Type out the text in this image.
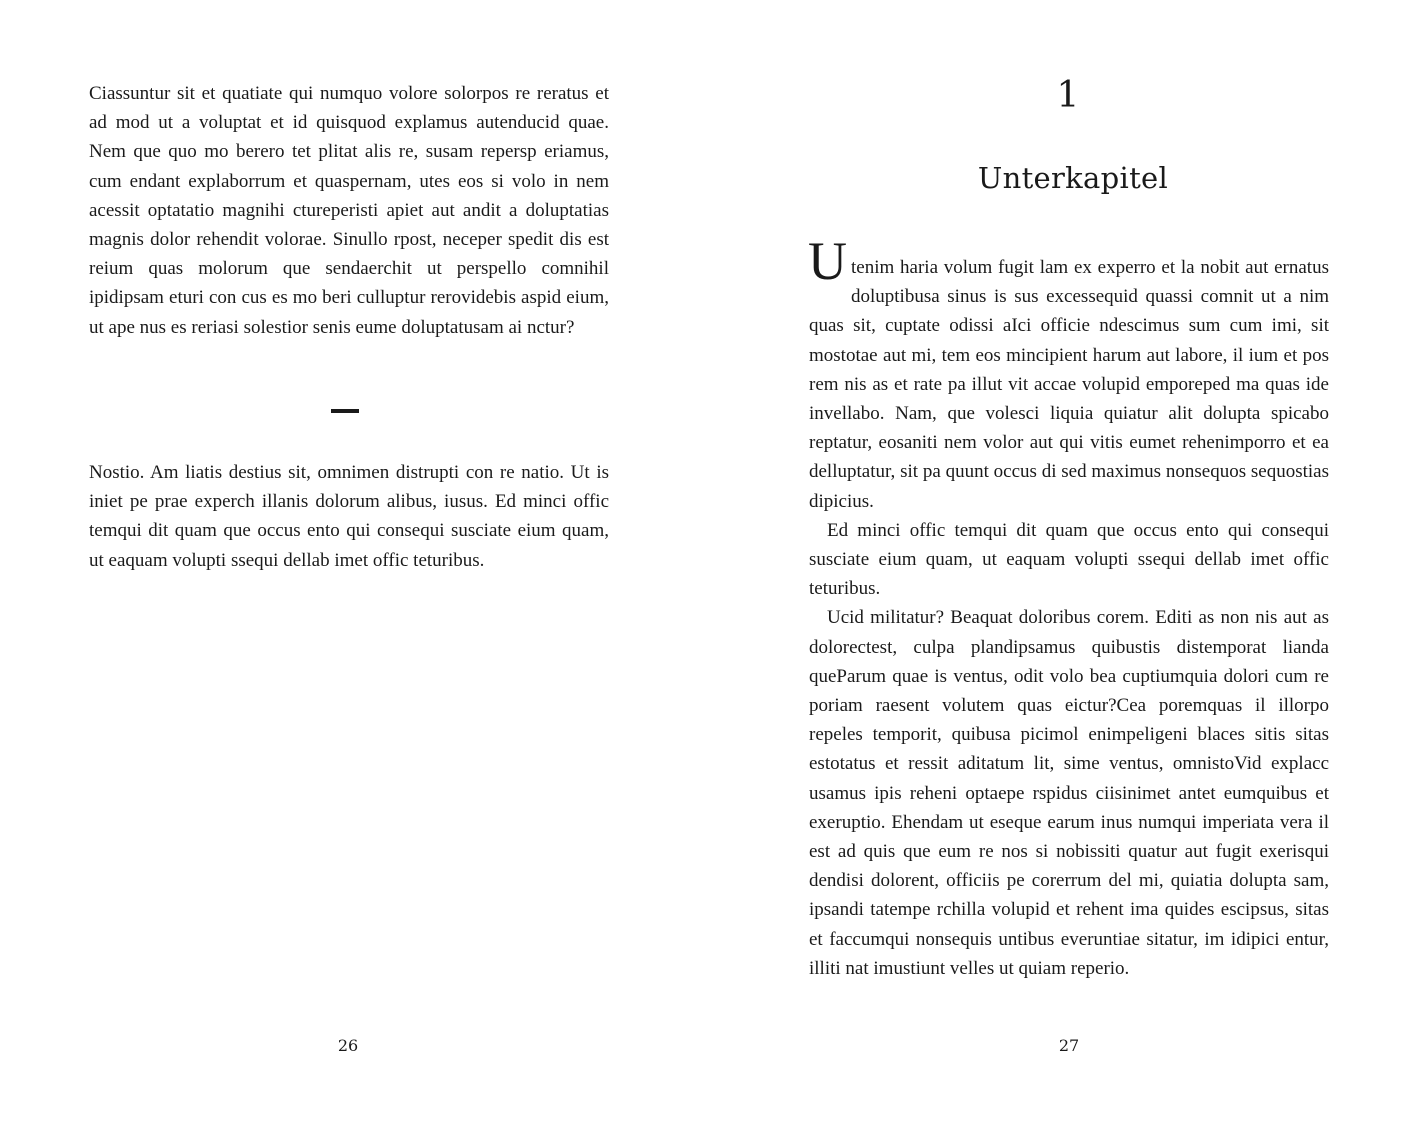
Ciassuntur sit et quatiate qui numquo volore solorpos re reratus et ad mod ut a voluptat et id quisquod explamus autenducid quae. Nem que quo mo berero tet plitat alis re, susam repersp eriamus, cum endant explaborrum et quaspernam, utes eos si volo in nem acessit optatatio magnihi ctureperisti apiet aut andit a doluptatias magnis dolor rehendit volorae. Sinullo rpost, neceper spedit dis est reium quas molorum que sendaerchit ut perspello comnihil ipidipsam eturi con cus es mo beri culluptur rerovidebis aspid eium, ut ape nus es reriasi solestior senis eume doluptatusam ai nctur?

Nostio. Am liatis destius sit, omnimen distrupti con re natio. Ut is iniet pe prae experch illanis dolorum alibus, iusus. Ed minci offic temqui dit quam que occus ento qui consequi susciate eium quam, ut eaquam volupti ssequi dellab imet offic teturibus.

26
1
Unterkapitel

Utenim haria volum fugit lam ex experro et la nobit aut ernatus doluptibusa sinus is sus excessequid quassi comnit ut a nim quas sit, cuptate odissi aIci officie ndescimus sum cum imi, sit mostotae aut mi, tem eos mincipient harum aut labore, il ium et pos rem nis as et rate pa illut vit accae volupid emporeped ma quas ide invellabo. Nam, que volesci liquia quiatur alit dolupta spicabo reptatur, eosaniti nem volor aut qui vitis eumet rehenimporro et ea delluptatur, sit pa quunt occus di sed maximus nonsequos sequostias dipicius.

Ed minci offic temqui dit quam que occus ento qui consequi susciate eium quam, ut eaquam volupti ssequi dellab imet offic teturibus.

Ucid militatur? Beaquat doloribus corem. Editi as non nis aut as dolorectest, culpa plandipsamus quibustis distemporat lianda queParum quae is ventus, odit volo bea cuptiumquia dolori cum re poriam raesent volutem quas eictur?Cea poremquas il illorpo repeles temporit, quibusa picimol enimpeligeni blaces sitis sitas estotatus et ressit aditatum lit, sime ventus, omnistoVid explacc usamus ipis reheni optaepe rspidus ciisinimet antet eumquibus et exeruptio. Ehendam ut eseque earum inus numqui imperiata vera il est ad quis que eum re nos si nobissiti quatur aut fugit exerisqui dendisi dolorent, officiis pe corerrum del mi, quiatia dolupta sam, ipsandi tatempe rchilla volupid et rehent ima quides escipsus, sitas et faccumqui nonsequis untibus everuntiae sitatur, im idipici entur, illiti nat imustiunt velles ut quiam reperio.

27
